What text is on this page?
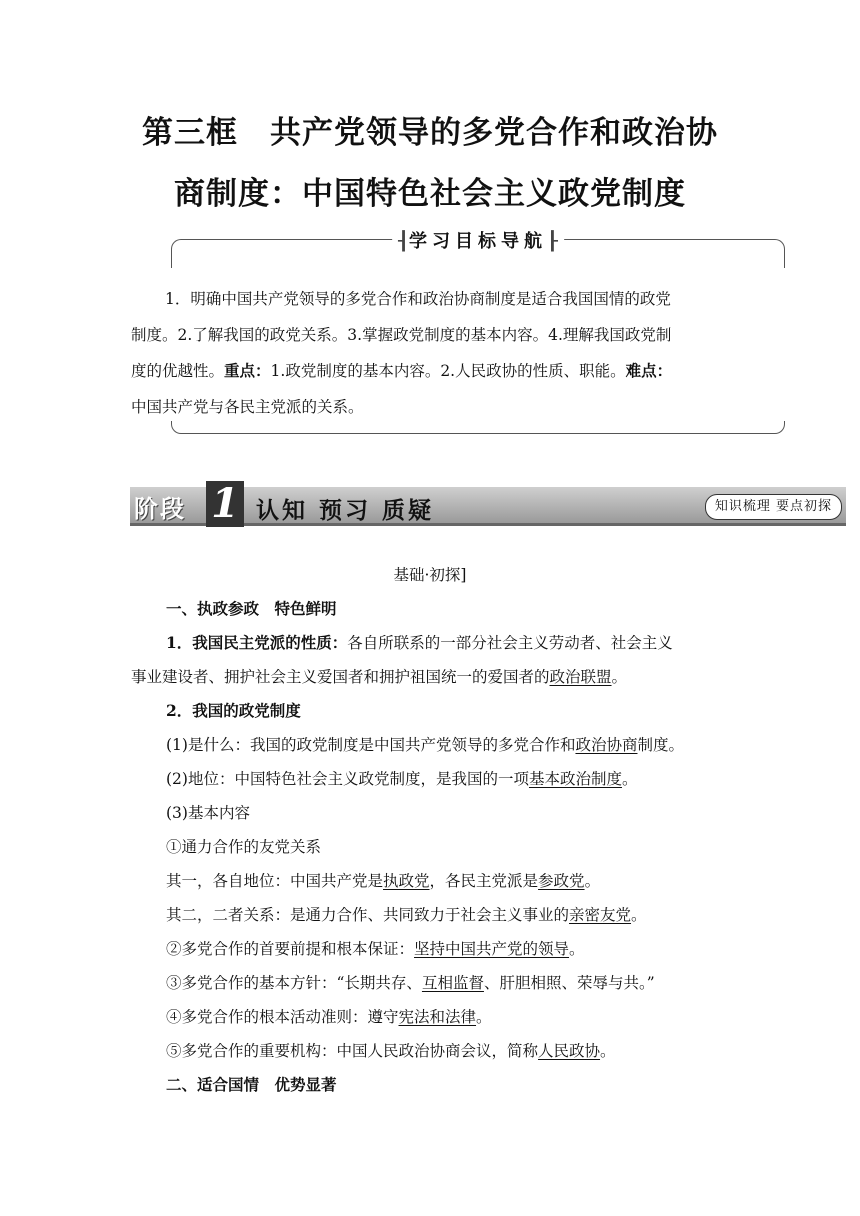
第三框　共产党领导的多党合作和政治协
商制度：中国特色社会主义政党制度
┨学习目标导航┠
1．明确中国共产党领导的多党合作和政治协商制度是适合我国国情的政党
制度。2.了解我国的政党关系。3.掌握政党制度的基本内容。4.理解我国政党制
度的优越性。重点：1.政党制度的基本内容。2.人民政协的性质、职能。难点：
中国共产党与各民主党派的关系。
阶段 1 认知 预习 质疑	知识梳理 要点初探
基础·初探]
一、执政参政　特色鲜明
1．我国民主党派的性质：各自所联系的一部分社会主义劳动者、社会主义
事业建设者、拥护社会主义爱国者和拥护祖国统一的爱国者的政治联盟。
2．我国的政党制度
(1)是什么：我国的政党制度是中国共产党领导的多党合作和政治协商制度。
(2)地位：中国特色社会主义政党制度，是我国的一项基本政治制度。
(3)基本内容
①通力合作的友党关系
其一，各自地位：中国共产党是执政党，各民主党派是参政党。
其二，二者关系：是通力合作、共同致力于社会主义事业的亲密友党。
②多党合作的首要前提和根本保证：坚持中国共产党的领导。
③多党合作的基本方针：“长期共存、互相监督、肝胆相照、荣辱与共。”
④多党合作的根本活动准则：遵守宪法和法律。
⑤多党合作的重要机构：中国人民政治协商会议，简称人民政协。
二、适合国情　优势显著
